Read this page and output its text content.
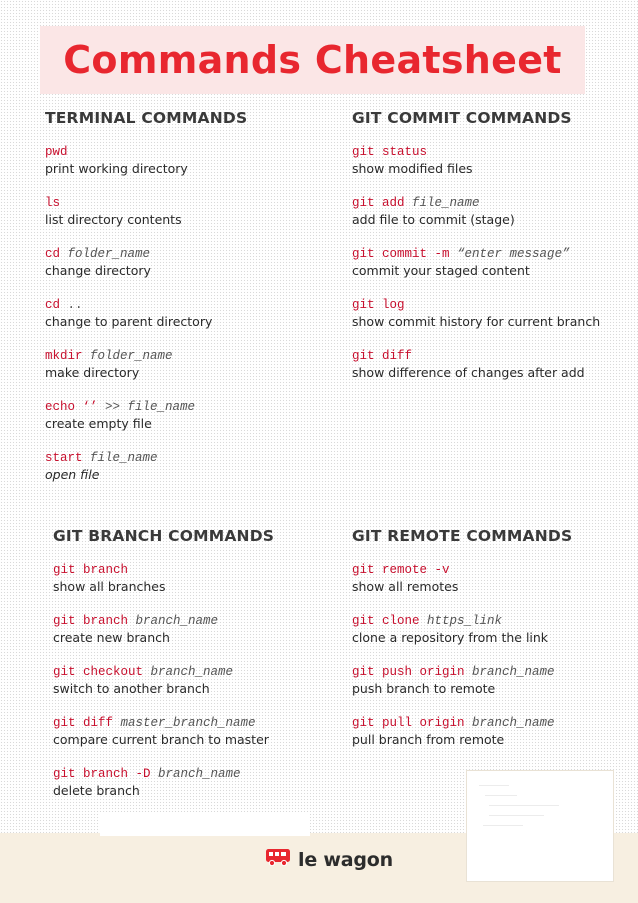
Commands Cheatsheet
TERMINAL COMMANDS
pwd
print working directory
ls
list directory contents
cd folder_name
change directory
cd ..
change to parent directory
mkdir folder_name
make directory
echo ‘’ >> file_name
create empty file
start file_name
open file
GIT COMMIT COMMANDS
git status
show modified files
git add file_name
add file to commit (stage)
git commit -m “enter message”
commit your staged content
git log
show commit history for current branch
git diff
show difference of changes after add
GIT BRANCH COMMANDS
git branch
show all branches
git branch branch_name
create new branch
git checkout branch_name
switch to another branch
git diff master_branch_name
compare current branch to master
git branch -D branch_name
delete branch
GIT REMOTE COMMANDS
git remote -v
show all remotes
git clone https_link
clone a repository from the link
git push origin branch_name
push branch to remote
git pull origin branch_name
pull branch from remote
le wagon
